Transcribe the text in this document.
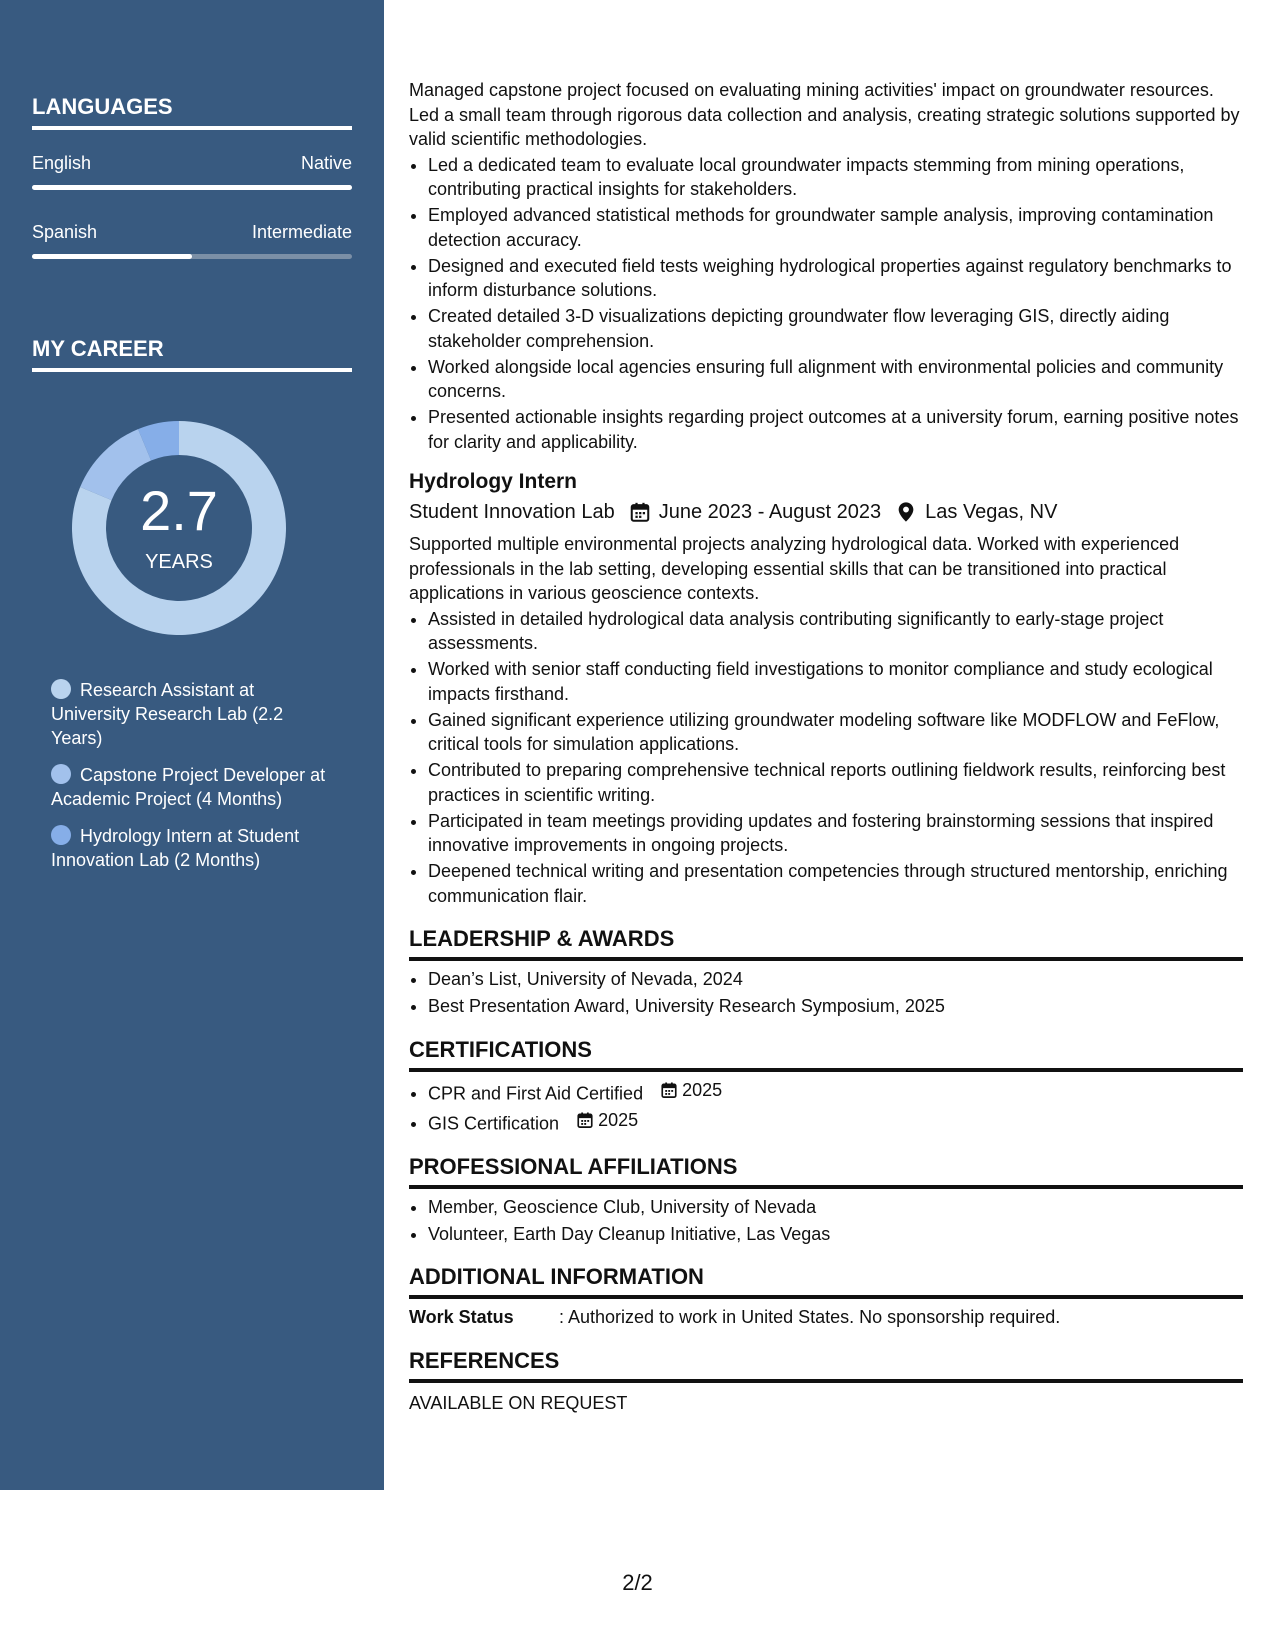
LANGUAGES
English	Native
Spanish	Intermediate
MY CAREER
2.7
YEARS
Research Assistant at University Research Lab (2.2 Years)
Capstone Project Developer at Academic Project (4 Months)
Hydrology Intern at Student Innovation Lab (2 Months)

Managed capstone project focused on evaluating mining activities' impact on groundwater resources. Led a small team through rigorous data collection and analysis, creating strategic solutions supported by valid scientific methodologies.

• Led a dedicated team to evaluate local groundwater impacts stemming from mining operations, contributing practical insights for stakeholders.
• Employed advanced statistical methods for groundwater sample analysis, improving contamination detection accuracy.
• Designed and executed field tests weighing hydrological properties against regulatory benchmarks to inform disturbance solutions.
• Created detailed 3-D visualizations depicting groundwater flow leveraging GIS, directly aiding stakeholder comprehension.
• Worked alongside local agencies ensuring full alignment with environmental policies and community concerns.
• Presented actionable insights regarding project outcomes at a university forum, earning positive notes for clarity and applicability.
Hydrology Intern
Student Innovation Lab June 2023 - August 2023 Las Vegas, NV

Supported multiple environmental projects analyzing hydrological data. Worked with experienced professionals in the lab setting, developing essential skills that can be transitioned into practical applications in various geoscience contexts.

• Assisted in detailed hydrological data analysis contributing significantly to early-stage project assessments.
• Worked with senior staff conducting field investigations to monitor compliance and study ecological impacts firsthand.
• Gained significant experience utilizing groundwater modeling software like MODFLOW and FeFlow, critical tools for simulation applications.
• Contributed to preparing comprehensive technical reports outlining fieldwork results, reinforcing best practices in scientific writing.
• Participated in team meetings providing updates and fostering brainstorming sessions that inspired innovative improvements in ongoing projects.
• Deepened technical writing and presentation competencies through structured mentorship, enriching communication flair.
LEADERSHIP & AWARDS
• Dean’s List, University of Nevada, 2024
• Best Presentation Award, University Research Symposium, 2025
CERTIFICATIONS
• CPR and First Aid Certified 2025
• GIS Certification 2025
PROFESSIONAL AFFILIATIONS
• Member, Geoscience Club, University of Nevada
• Volunteer, Earth Day Cleanup Initiative, Las Vegas
ADDITIONAL INFORMATION
Work Status	: Authorized to work in United States. No sponsorship required.
REFERENCES
AVAILABLE ON REQUEST
2/2
